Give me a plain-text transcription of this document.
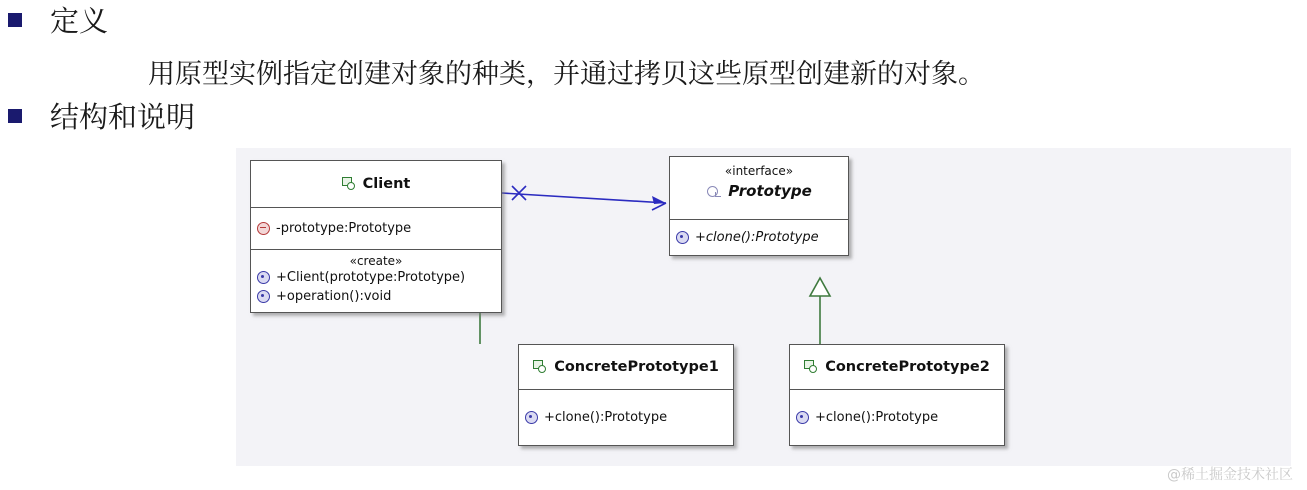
定义
用原型实例指定创建对象的种类，并通过拷贝这些原型创建新的对象。
结构和说明
Client
-prototype:Prototype
«create»
+Client(prototype:Prototype)
+operation():void
«interface»
Prototype
+clone():Prototype
ConcretePrototype1
+clone():Prototype
ConcretePrototype2
+clone():Prototype
@稀土掘金技术社区
